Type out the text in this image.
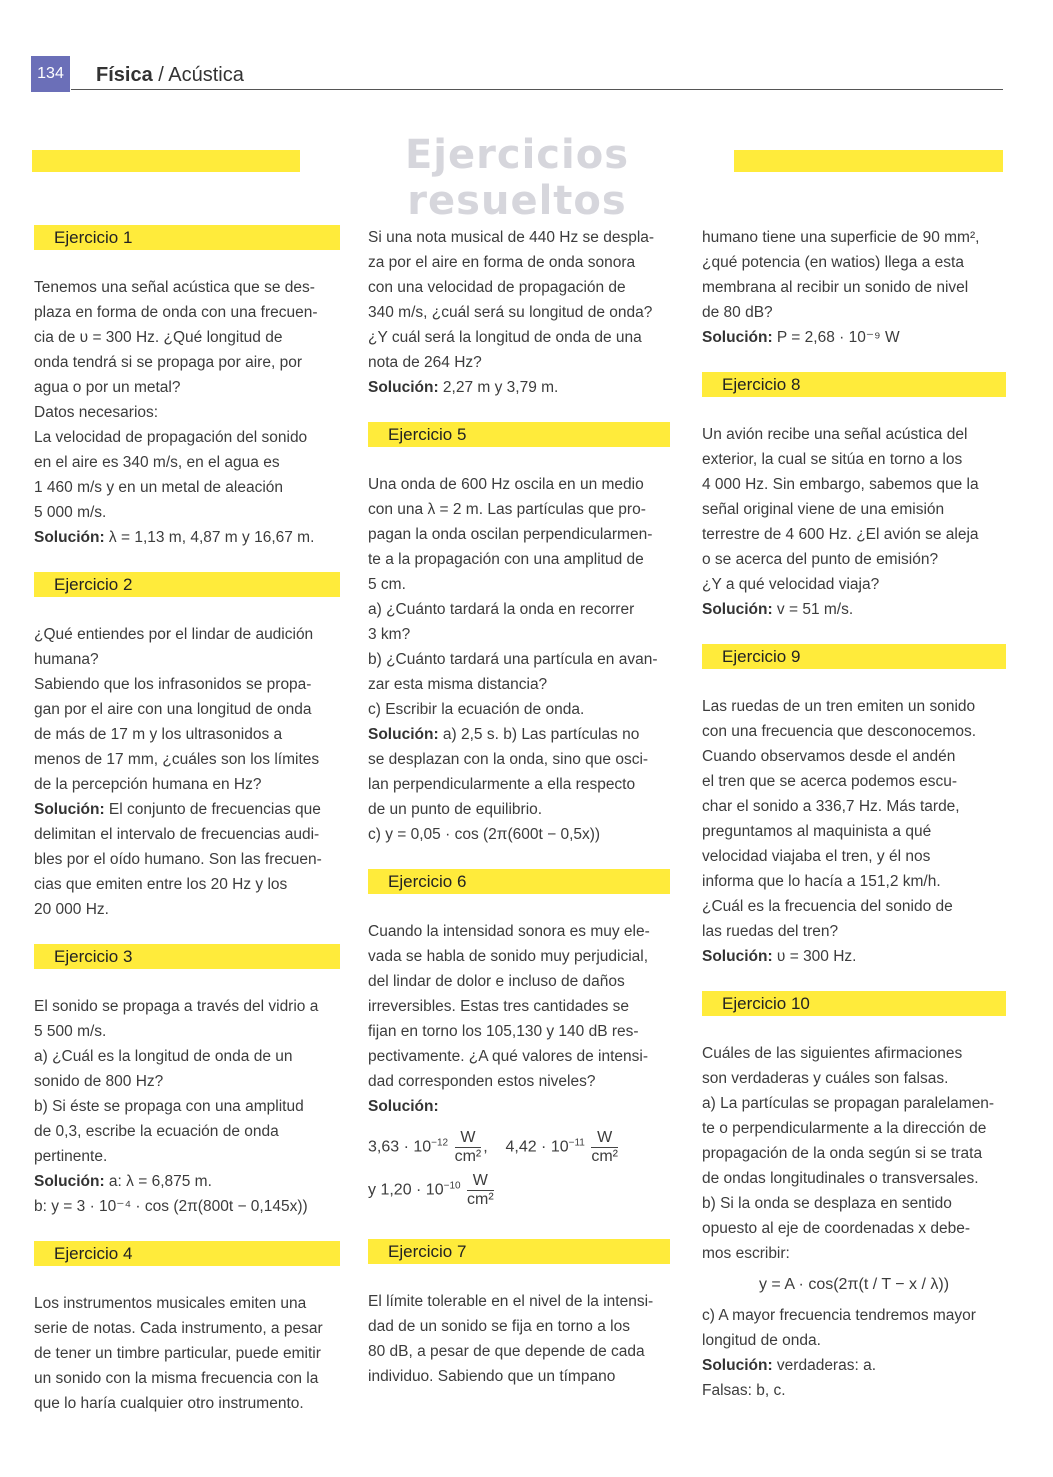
134	Física / Acústica
Ejercicios resueltos
Ejercicio 1

Tenemos una señal acústica que se des-

plaza en forma de onda con una frecuen-

cia de υ = 300 Hz. ¿Qué longitud de

onda tendrá si se propaga por aire, por

agua o por un metal?

Datos necesarios:

La velocidad de propagación del sonido

en el aire es 340 m/s, en el agua es

1 460 m/s y en un metal de aleación

5 000 m/s.

Solución: λ = 1,13 m, 4,87 m y 16,67 m.

Ejercicio 2

¿Qué entiendes por el lindar de audición

humana?

Sabiendo que los infrasonidos se propa-

gan por el aire con una longitud de onda

de más de 17 m y los ultrasonidos a

menos de 17 mm, ¿cuáles son los límites

de la percepción humana en Hz?

Solución: El conjunto de frecuencias que

delimitan el intervalo de frecuencias audi-

bles por el oído humano. Son las frecuen-

cias que emiten entre los 20 Hz y los

20 000 Hz.

Ejercicio 3

El sonido se propaga a través del vidrio a

5 500 m/s.

a) ¿Cuál es la longitud de onda de un

sonido de 800 Hz?

b) Si éste se propaga con una amplitud

de 0,3, escribe la ecuación de onda

pertinente.

Solución: a: λ = 6,875 m.

b: y = 3 · 10⁻⁴ · cos (2π(800t − 0,145x))

Ejercicio 4

Los instrumentos musicales emiten una

serie de notas. Cada instrumento, a pesar

de tener un timbre particular, puede emitir

un sonido con la misma frecuencia con la

que lo haría cualquier otro instrumento.

Si una nota musical de 440 Hz se despla-

za por el aire en forma de onda sonora

con una velocidad de propagación de

340 m/s, ¿cuál será su longitud de onda?

¿Y cuál será la longitud de onda de una

nota de 264 Hz?

Solución: 2,27 m y 3,79 m.

Ejercicio 5

Una onda de 600 Hz oscila en un medio

con una λ = 2 m. Las partículas que pro-

pagan la onda oscilan perpendicularmen-

te a la propagación con una amplitud de

5 cm.

a) ¿Cuánto tardará la onda en recorrer

3 km?

b) ¿Cuánto tardará una partícula en avan-

zar esta misma distancia?

c) Escribir la ecuación de onda.

Solución: a) 2,5 s. b) Las partículas no

se desplazan con la onda, sino que osci-

lan perpendicularmente a ella respecto

de un punto de equilibrio.

c) y = 0,05 · cos (2π(600t − 0,5x))

Ejercicio 6

Cuando la intensidad sonora es muy ele-

vada se habla de sonido muy perjudicial,

del lindar de dolor e incluso de daños

irreversibles. Estas tres cantidades se

fijan en torno los 105,130 y 140 dB res-

pectivamente. ¿A qué valores de intensi-

dad corresponden estos niveles?

Solución:

$3,63 \cdot 10^{-12} \frac{W}{\text{cm²}}$ , $4,42 \cdot 10^{-11} \frac{W}{\text{cm²}}$
y $1,20 \cdot 10^{-10} \frac{W}{\text{cm²}}$
Ejercicio 7

El límite tolerable en el nivel de la intensi-

dad de un sonido se fija en torno a los

80 dB, a pesar de que depende de cada

individuo. Sabiendo que un tímpano

humano tiene una superficie de 90 mm²,

¿qué potencia (en watios) llega a esta

membrana al recibir un sonido de nivel

de 80 dB?

Solución: P = 2,68 · 10⁻⁹ W

Ejercicio 8

Un avión recibe una señal acústica del

exterior, la cual se sitúa en torno a los

4 000 Hz. Sin embargo, sabemos que la

señal original viene de una emisión

terrestre de 4 600 Hz. ¿El avión se aleja

o se acerca del punto de emisión?

¿Y a qué velocidad viaja?

Solución: v = 51 m/s.

Ejercicio 9

Las ruedas de un tren emiten un sonido

con una frecuencia que desconocemos.

Cuando observamos desde el andén

el tren que se acerca podemos escu-

char el sonido a 336,7 Hz. Más tarde,

preguntamos al maquinista a qué

velocidad viajaba el tren, y él nos

informa que lo hacía a 151,2 km/h.

¿Cuál es la frecuencia del sonido de

las ruedas del tren?

Solución: υ = 300 Hz.

Ejercicio 10

Cuáles de las siguientes afirmaciones

son verdaderas y cuáles son falsas.

a) La partículas se propagan paralelamen-

te o perpendicularmente a la dirección de

propagación de la onda según si se trata

de ondas longitudinales o transversales.

b) Si la onda se desplaza en sentido

opuesto al eje de coordenadas x debe-

mos escribir:

y = A · cos(2π(t / T − x / λ))

c) A mayor frecuencia tendremos mayor

longitud de onda.

Solución: verdaderas: a.

Falsas: b, c.
